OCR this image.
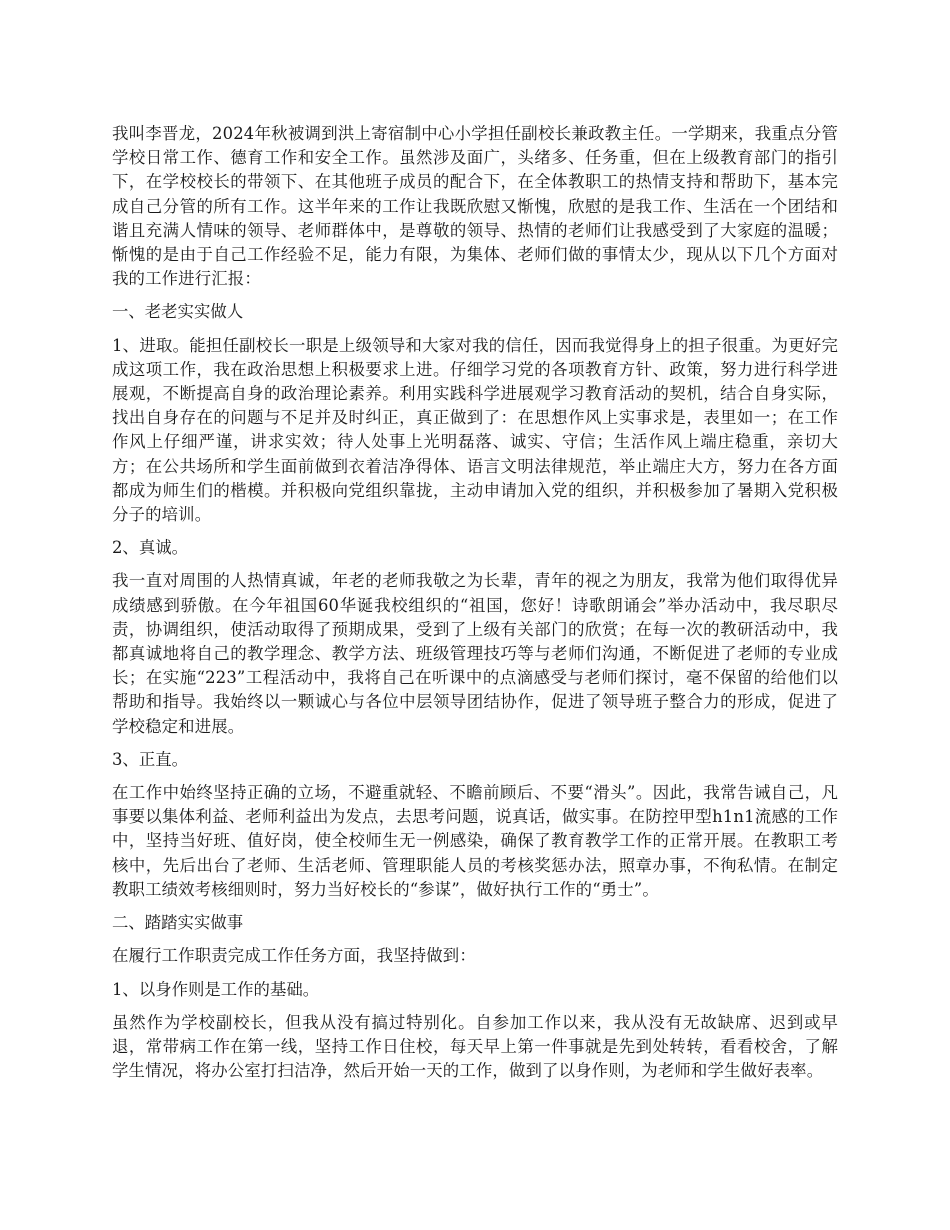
我叫李晋龙，2024年秋被调到洪上寄宿制中心小学担任副校长兼政教主任。一学期来，我重点分管学校日常工作、德育工作和安全工作。虽然涉及面广，头绪多、任务重，但在上级教育部门的指引下，在学校校长的带领下、在其他班子成员的配合下，在全体教职工的热情支持和帮助下，基本完成自己分管的所有工作。这半年来的工作让我既欣慰又惭愧，欣慰的是我工作、生活在一个团结和谐且充满人情味的领导、老师群体中，是尊敬的领导、热情的老师们让我感受到了大家庭的温暖；惭愧的是由于自己工作经验不足，能力有限，为集体、老师们做的事情太少，现从以下几个方面对我的工作进行汇报：

一、老老实实做人

1、进取。能担任副校长一职是上级领导和大家对我的信任，因而我觉得身上的担子很重。为更好完成这项工作，我在政治思想上积极要求上进。仔细学习党的各项教育方针、政策，努力进行科学进展观，不断提高自身的政治理论素养。利用实践科学进展观学习教育活动的契机，结合自身实际，找出自身存在的问题与不足并及时纠正，真正做到了：在思想作风上实事求是，表里如一；在工作作风上仔细严谨，讲求实效；待人处事上光明磊落、诚实、守信；生活作风上端庄稳重，亲切大方；在公共场所和学生面前做到衣着洁净得体、语言文明法律规范，举止端庄大方，努力在各方面都成为师生们的楷模。并积极向党组织靠拢，主动申请加入党的组织，并积极参加了暑期入党积极分子的培训。

2、真诚。

我一直对周围的人热情真诚，年老的老师我敬之为长辈，青年的视之为朋友，我常为他们取得优异成绩感到骄傲。在今年祖国60华诞我校组织的“祖国，您好！诗歌朗诵会”举办活动中，我尽职尽责，协调组织，使活动取得了预期成果，受到了上级有关部门的欣赏；在每一次的教研活动中，我都真诚地将自己的教学理念、教学方法、班级管理技巧等与老师们沟通，不断促进了老师的专业成长；在实施“223”工程活动中，我将自己在听课中的点滴感受与老师们探讨，毫不保留的给他们以帮助和指导。我始终以一颗诚心与各位中层领导团结协作，促进了领导班子整合力的形成，促进了学校稳定和进展。

3、正直。

在工作中始终坚持正确的立场，不避重就轻、不瞻前顾后、不要“滑头”。因此，我常告诫自己，凡事要以集体利益、老师利益出为发点，去思考问题，说真话，做实事。在防控甲型h1n1流感的工作中，坚持当好班、值好岗，使全校师生无一例感染，确保了教育教学工作的正常开展。在教职工考核中，先后出台了老师、生活老师、管理职能人员的考核奖惩办法，照章办事，不徇私情。在制定教职工绩效考核细则时，努力当好校长的“参谋”，做好执行工作的“勇士”。

二、踏踏实实做事

在履行工作职责完成工作任务方面，我坚持做到：

1、以身作则是工作的基础。

虽然作为学校副校长，但我从没有搞过特别化。自参加工作以来，我从没有无故缺席、迟到或早退，常带病工作在第一线，坚持工作日住校，每天早上第一件事就是先到处转转，看看校舍，了解学生情况，将办公室打扫洁净，然后开始一天的工作，做到了以身作则，为老师和学生做好表率。
